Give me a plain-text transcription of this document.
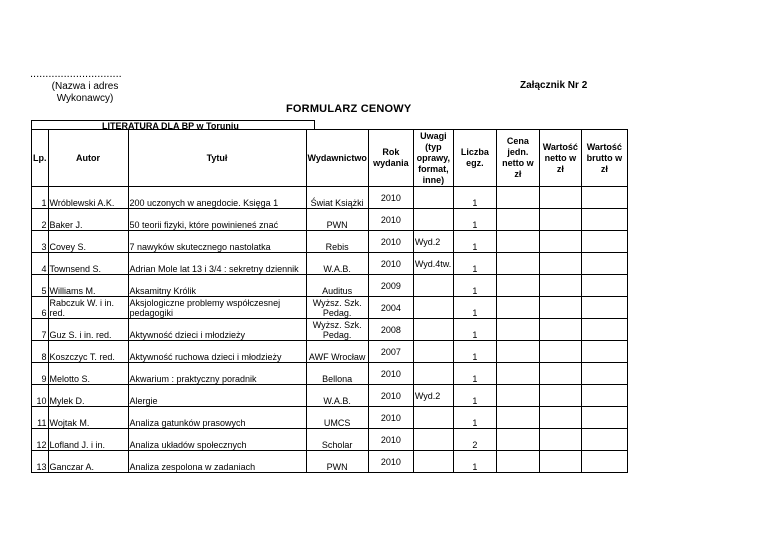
..............................
(Nazwa i adres Wykonawcy)
Załącznik Nr 2
FORMULARZ CENOWY
LITERATURA DLA BP w Toruniu
Lp.	Autor	Tytuł	Wydawnictwo	Rok wydania	Uwagi (typ oprawy, format, inne)	Liczba egz.	Cena jedn. netto w zł	Wartość netto w zł	Wartość brutto w zł
1	Wróblewski A.K.	200 uczonych w anegdocie. Księga 1	Świat Książki	2010		1			
2	Baker J.	50 teorii fizyki, które powinieneś znać	PWN	2010		1			
3	Covey S.	7 nawyków skutecznego nastolatka	Rebis	2010	Wyd.2	1			
4	Townsend S.	Adrian Mole lat 13 i 3/4 : sekretny dziennik	W.A.B.	2010	Wyd.4tw.	1			
5	Williams M.	Aksamitny Królik	Auditus	2009		1			
6	Rabczuk W. i in. red.	Aksjologiczne problemy współczesnej pedagogiki	Wyższ. Szk. Pedag.	2004		1			
7	Guz S. i in. red.	Aktywność dzieci i młodzieży	Wyższ. Szk. Pedag.	2008		1			
8	Koszczyc T. red.	Aktywność ruchowa dzieci i młodzieży	AWF Wrocław	2007		1			
9	Melotto S.	Akwarium : praktyczny poradnik	Bellona	2010		1			
10	Mylek D.	Alergie	W.A.B.	2010	Wyd.2	1			
11	Wojtak M.	Analiza gatunków prasowych	UMCS	2010		1			
12	Lofland J. i in.	Analiza układów społecznych	Scholar	2010		2			
13	Ganczar A.	Analiza zespolona w zadaniach	PWN	2010		1			
